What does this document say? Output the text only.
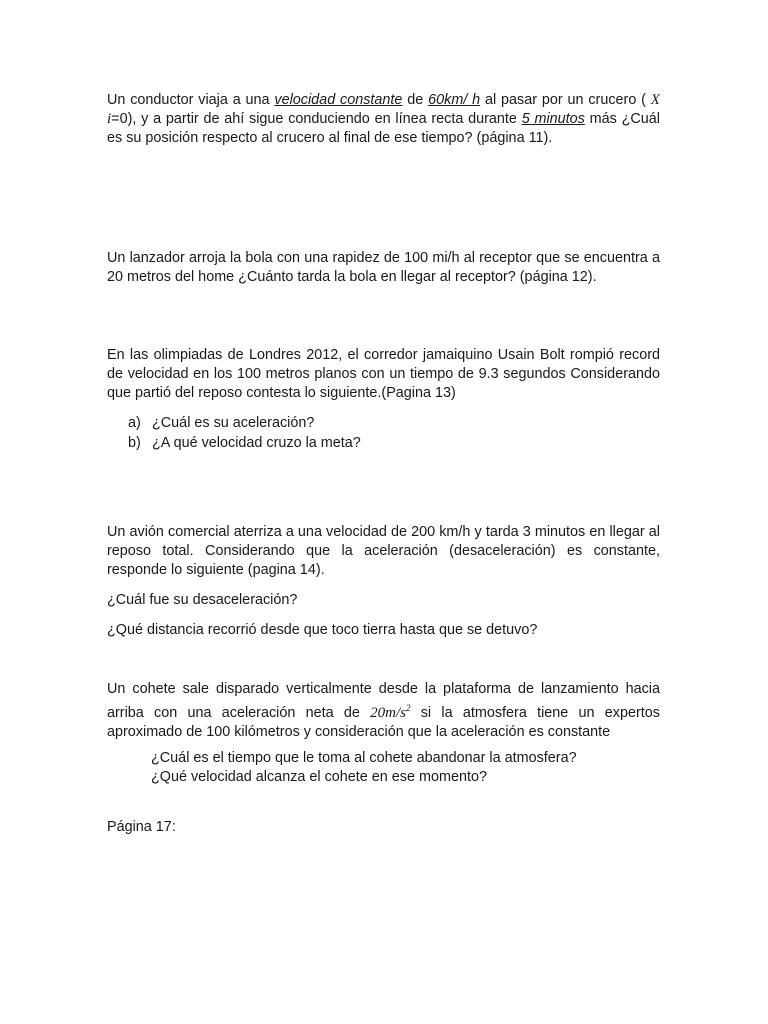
Un conductor viaja a una velocidad constante de 60km/ h al pasar por un crucero ( X i=0), y a partir de ahí sigue conduciendo en línea recta durante 5 minutos más ¿Cuál es su posición respecto al crucero al final de ese tiempo? (página 11).

Un lanzador arroja la bola con una rapidez de 100 mi/h al receptor que se encuentra a 20 metros del home ¿Cuánto tarda la bola en llegar al receptor? (página 12).

En las olimpiadas de Londres 2012, el corredor jamaiquino Usain Bolt rompió record de velocidad en los 100 metros planos con un tiempo de 9.3 segundos Considerando que partió del reposo contesta lo siguiente.(Pagina 13)

a) ¿Cuál es su aceleración?
b) ¿A qué velocidad cruzo la meta?

Un avión comercial aterriza a una velocidad de 200 km/h y tarda 3 minutos en llegar al reposo total. Considerando que la aceleración (desaceleración) es constante, responde lo siguiente (pagina 14).

¿Cuál fue su desaceleración?

¿Qué distancia recorrió desde que toco tierra hasta que se detuvo?

Un cohete sale disparado verticalmente desde la plataforma de lanzamiento hacia arriba con una aceleración neta de $20m/s^2$ si la atmosfera tiene un expertos aproximado de 100 kilómetros y consideración que la aceleración es constante

¿Cuál es el tiempo que le toma al cohete abandonar la atmosfera?

¿Qué velocidad alcanza el cohete en ese momento?

Página 17:
